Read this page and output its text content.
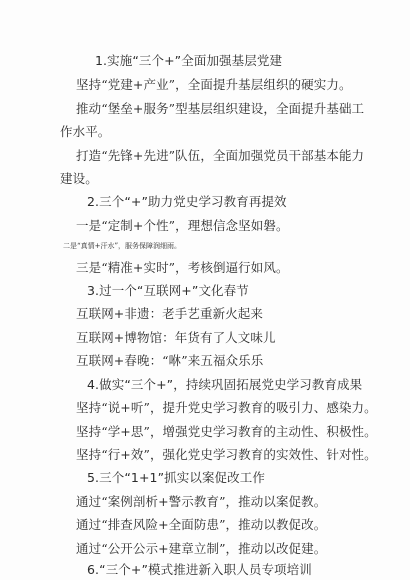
1.实施“三个+”全面加强基层党建
坚持“党建+产业”，全面提升基层组织的硬实力。
推动“堡垒+服务”型基层组织建设，全面提升基础工
作水平。
打造“先锋+先进”队伍，全面加强党员干部基本能力
建设。
2.三个“+”助力党史学习教育再提效
一是“定制+个性”，理想信念坚如磐。
二是“真情+汗水”，服务保障润细雨。
三是“精准+实时”，考核倒逼行如风。
3.过一个“互联网+”文化春节
互联网+非遗：老手艺重新火起来
互联网+博物馆：年货有了人文味儿
互联网+春晚：“咻”来五福众乐乐
4.做实“三个+”，持续巩固拓展党史学习教育成果
坚持“说+听”，提升党史学习教育的吸引力、感染力。
坚持“学+思”，增强党史学习教育的主动性、积极性。
坚持“行+效”，强化党史学习教育的实效性、针对性。
5.三个“1+1”抓实以案促改工作
通过“案例剖析+警示教育”，推动以案促教。
通过“排查风险+全面防患”，推动以教促改。
通过“公开公示+建章立制”，推动以改促建。
6.“三个+”模式推进新入职人员专项培训
